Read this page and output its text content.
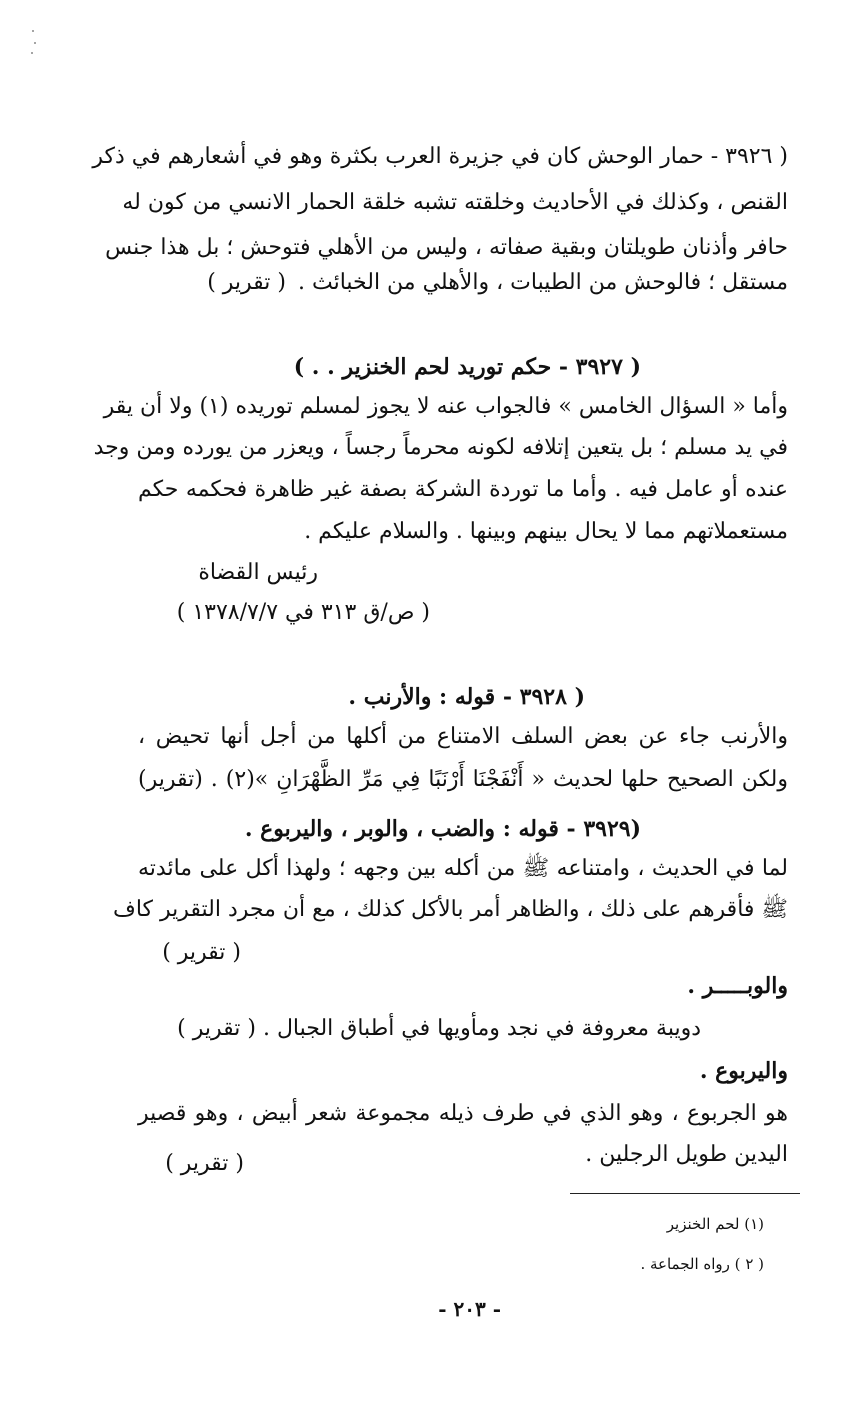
( ٣٩٢٦ - حمار الوحش كان في جزيرة العرب بكثرة وهو في أشعارهم في ذكر
القنص ، وكذلك في الأحاديث وخلقته تشبه خلقة الحمار الانسي من كون له
حافر وأذنان طويلتان وبقية صفاته ، وليس من الأهلي فتوحش ؛ بل هذا جنس
مستقل ؛ فالوحش من الطيبات ، والأهلي من الخبائث .
( تقرير )
( ٣٩٢٧ - حكم توريد لحم الخنزير . . )
وأما « السؤال الخامس » فالجواب عنه لا يجوز لمسلم توريده (١) ولا أن يقر
في يد مسلم ؛ بل يتعين إتلافه لكونه محرماً رجساً ، ويعزر من يورده ومن وجد
عنده أو عامل فيه . وأما ما توردة الشركة بصفة غير ظاهرة فحكمه حكم
مستعملاتهم مما لا يحال بينهم وبينها . والسلام عليكم .
رئيس القضاة
( ص/ق ٣١٣ في ١٣٧٨/٧/٧ )
( ٣٩٢٨ - قوله : والأرنب .
والأرنب جاء عن بعض السلف الامتناع من أكلها من أجل أنها تحيض ،
ولكن الصحيح حلها لحديث « أَنْفَجْنَا أَرْنَبًا فِي مَرِّ الظَّهْرَانِ »(٢) . (تقرير)
(٣٩٢٩ - قوله : والضب ، والوبر ، واليربوع .
لما في الحديث ، وامتناعه ﷺ من أكله بين وجهه ؛ ولهذا أكل على مائدته
ﷺ فأقرهم على ذلك ، والظاهر أمر بالأكل كذلك ، مع أن مجرد التقرير كاف
( تقرير )
والوبـــــر .
دويبة معروفة في نجد ومأويها في أطباق الجبال . ( تقرير )
واليربوع .
هو الجربوع ، وهو الذي في طرف ذيله مجموعة شعر أبيض ، وهو قصير
اليدين طويل الرجلين .
( تقرير )
(١) لحم الخنزير
( ٢ ) رواه الجماعة .
- ٢٠٣ -
